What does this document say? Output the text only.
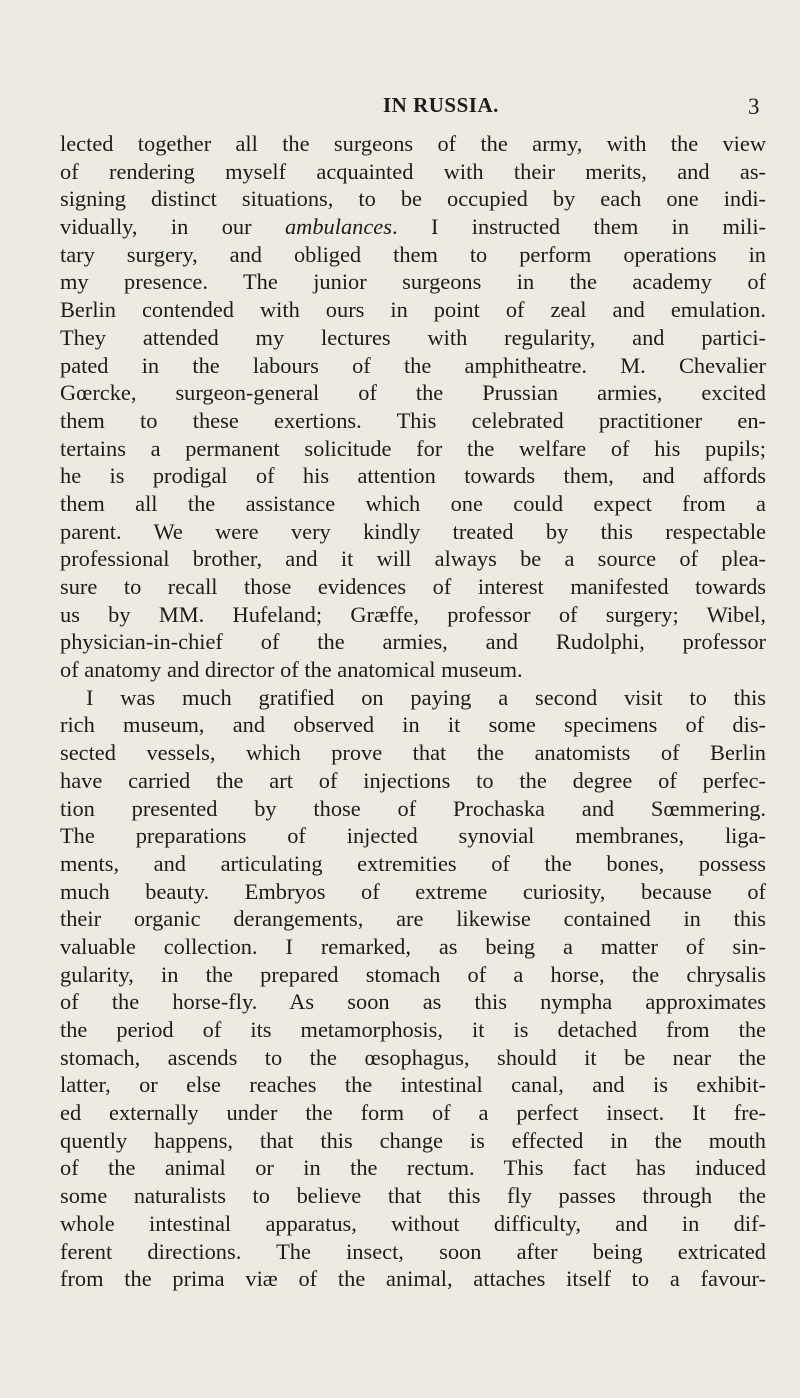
IN RUSSIA.	3
lected together all the surgeons of the army, with the view
of rendering myself acquainted with their merits, and as-
signing distinct situations, to be occupied by each one indi-
vidually, in our ambulances. I instructed them in mili-
tary surgery, and obliged them to perform operations in
my presence. The junior surgeons in the academy of
Berlin contended with ours in point of zeal and emulation.
They attended my lectures with regularity, and partici-
pated in the labours of the amphitheatre. M. Chevalier
Gœrcke, surgeon-general of the Prussian armies, excited
them to these exertions. This celebrated practitioner en-
tertains a permanent solicitude for the welfare of his pupils;
he is prodigal of his attention towards them, and affords
them all the assistance which one could expect from a
parent. We were very kindly treated by this respectable
professional brother, and it will always be a source of plea-
sure to recall those evidences of interest manifested towards
us by MM. Hufeland; Græffe, professor of surgery; Wibel,
physician-in-chief of the armies, and Rudolphi, professor
of anatomy and director of the anatomical museum.
I was much gratified on paying a second visit to this
rich museum, and observed in it some specimens of dis-
sected vessels, which prove that the anatomists of Berlin
have carried the art of injections to the degree of perfec-
tion presented by those of Prochaska and Sœmmering.
The preparations of injected synovial membranes, liga-
ments, and articulating extremities of the bones, possess
much beauty. Embryos of extreme curiosity, because of
their organic derangements, are likewise contained in this
valuable collection. I remarked, as being a matter of sin-
gularity, in the prepared stomach of a horse, the chrysalis
of the horse-fly. As soon as this nympha approximates
the period of its metamorphosis, it is detached from the
stomach, ascends to the œsophagus, should it be near the
latter, or else reaches the intestinal canal, and is exhibit-
ed externally under the form of a perfect insect. It fre-
quently happens, that this change is effected in the mouth
of the animal or in the rectum. This fact has induced
some naturalists to believe that this fly passes through the
whole intestinal apparatus, without difficulty, and in dif-
ferent directions. The insect, soon after being extricated
from the prima viæ of the animal, attaches itself to a favour-
